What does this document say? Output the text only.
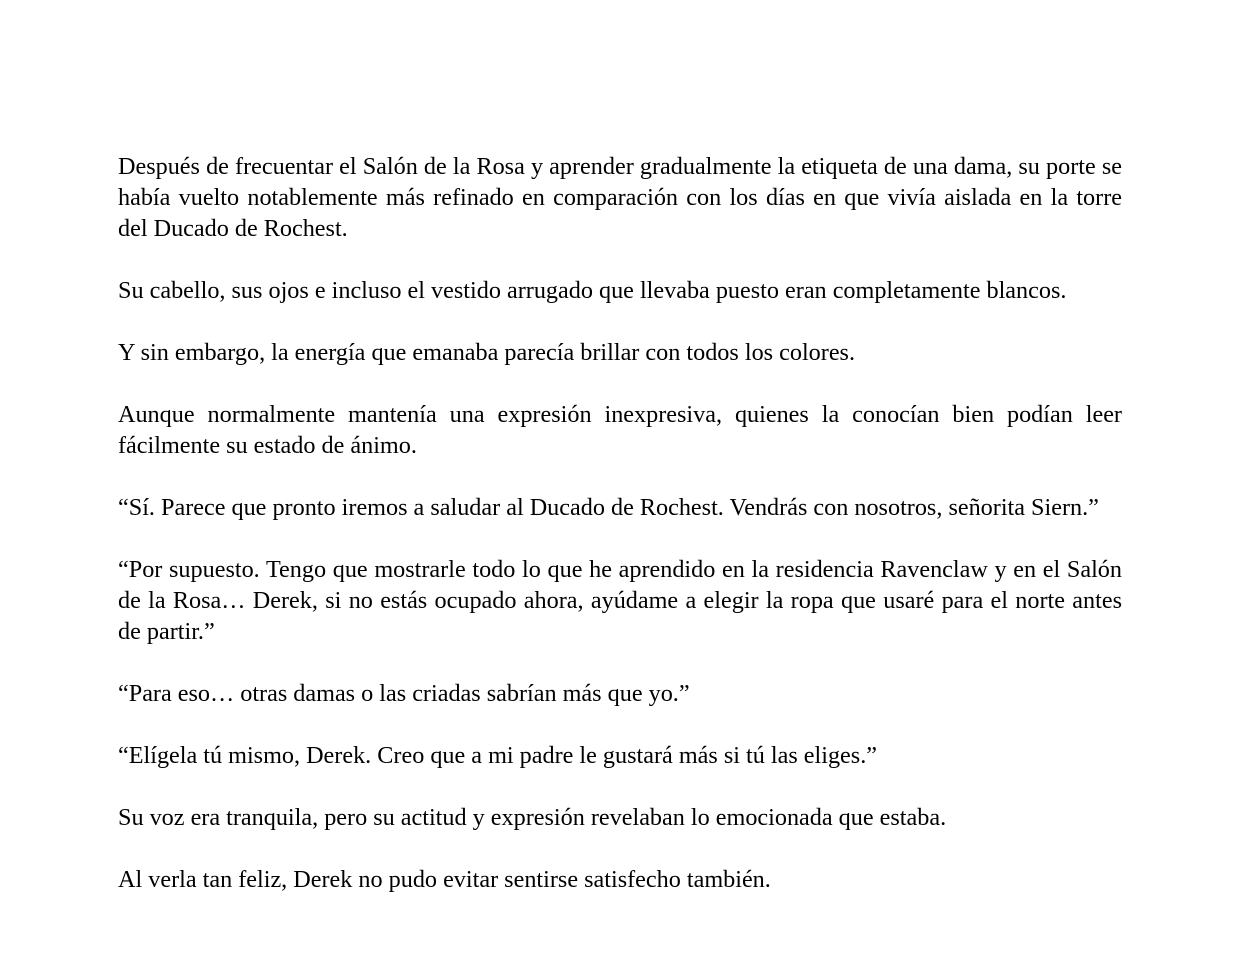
Después de frecuentar el Salón de la Rosa y aprender gradualmente la etiqueta de una dama, su porte se había vuelto notablemente más refinado en comparación con los días en que vivía aislada en la torre del Ducado de Rochest.

Su cabello, sus ojos e incluso el vestido arrugado que llevaba puesto eran completamente blancos.

Y sin embargo, la energía que emanaba parecía brillar con todos los colores.

Aunque normalmente mantenía una expresión inexpresiva, quienes la conocían bien podían leer fácilmente su estado de ánimo.

“Sí. Parece que pronto iremos a saludar al Ducado de Rochest. Vendrás con nosotros, señorita Siern.”

“Por supuesto. Tengo que mostrarle todo lo que he aprendido en la residencia Ravenclaw y en el Salón de la Rosa… Derek, si no estás ocupado ahora, ayúdame a elegir la ropa que usaré para el norte antes de partir.”

“Para eso… otras damas o las criadas sabrían más que yo.”

“Elígela tú mismo, Derek. Creo que a mi padre le gustará más si tú las eliges.”

Su voz era tranquila, pero su actitud y expresión revelaban lo emocionada que estaba.

Al verla tan feliz, Derek no pudo evitar sentirse satisfecho también.
